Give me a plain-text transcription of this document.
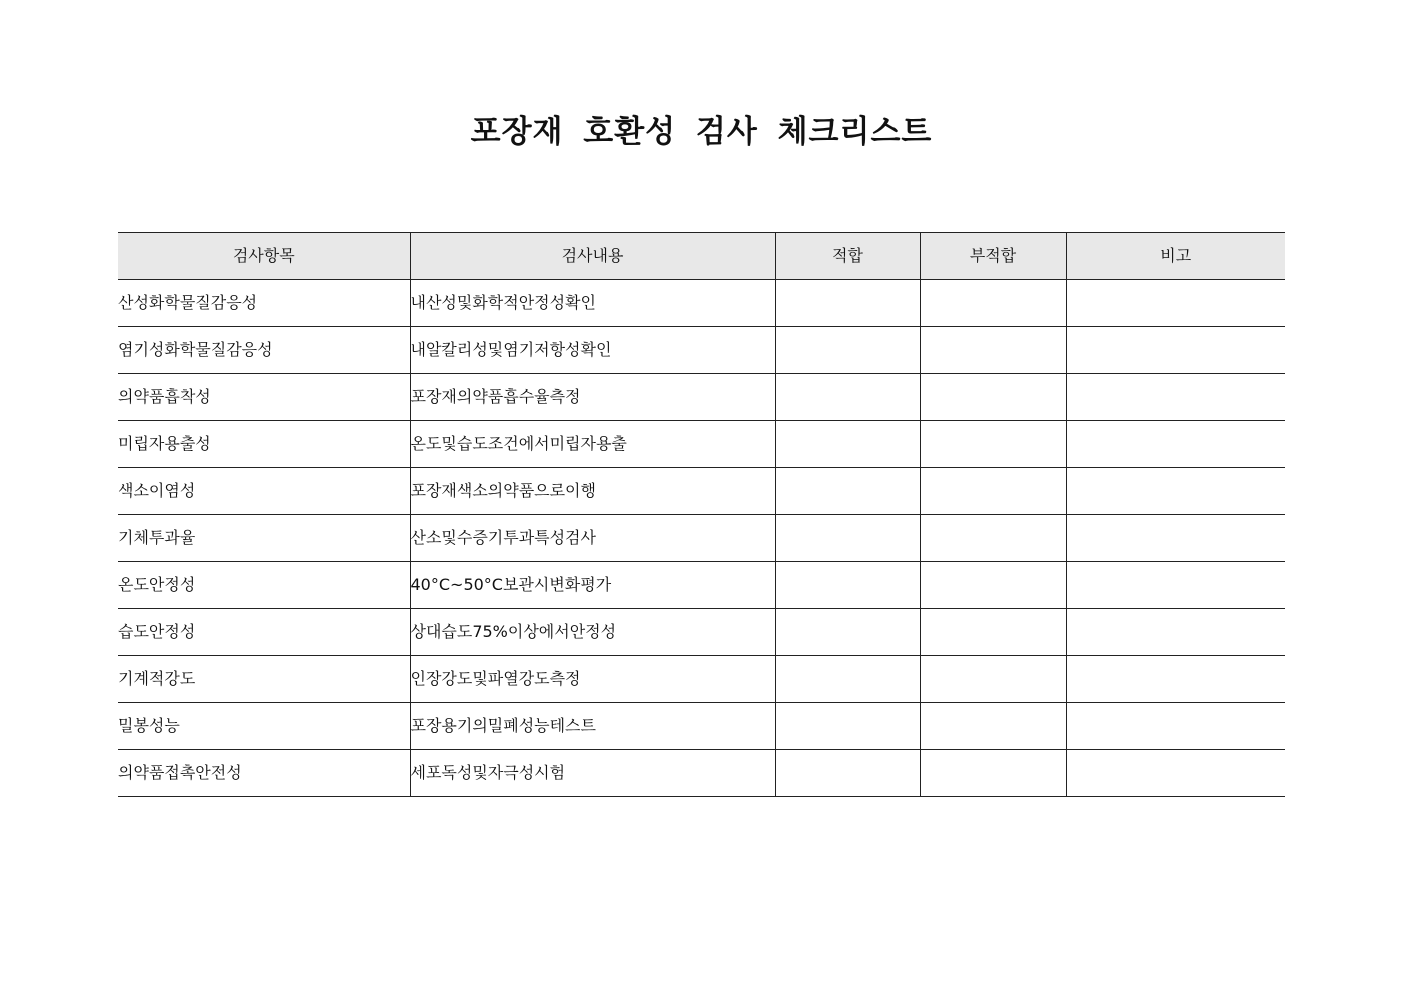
포장재 호환성 검사 체크리스트
검사항목	검사내용	적합	부적합	비고
산성화학물질감응성	내산성및화학적안정성확인			
염기성화학물질감응성	내알칼리성및염기저항성확인			
의약품흡착성	포장재의약품흡수율측정			
미립자용출성	온도및습도조건에서미립자용출			
색소이염성	포장재색소의약품으로이행			
기체투과율	산소및수증기투과특성검사			
온도안정성	40°C~50°C보관시변화평가			
습도안정성	상대습도75%이상에서안정성			
기계적강도	인장강도및파열강도측정			
밀봉성능	포장용기의밀폐성능테스트			
의약품접촉안전성	세포독성및자극성시험			
